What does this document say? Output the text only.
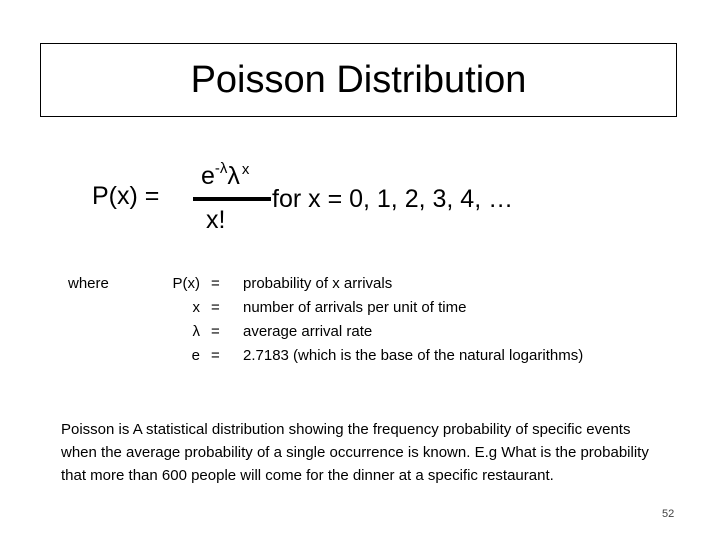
Poisson Distribution
P(x) =
$e^{-\lambda}\lambda$ $^x$
x!
for x = 0, 1, 2, 3, 4, …
where	P(x) = probability of x arrivals
x = number of arrivals per unit of time
λ = average arrival rate
e = 2.7183 (which is the base of the natural logarithms)
Poisson is A statistical distribution showing the frequency probability of specific events when the average probability of a single occurrence is known. E.g What is the probability that more than 600 people will come for the dinner at a specific restaurant.
52
